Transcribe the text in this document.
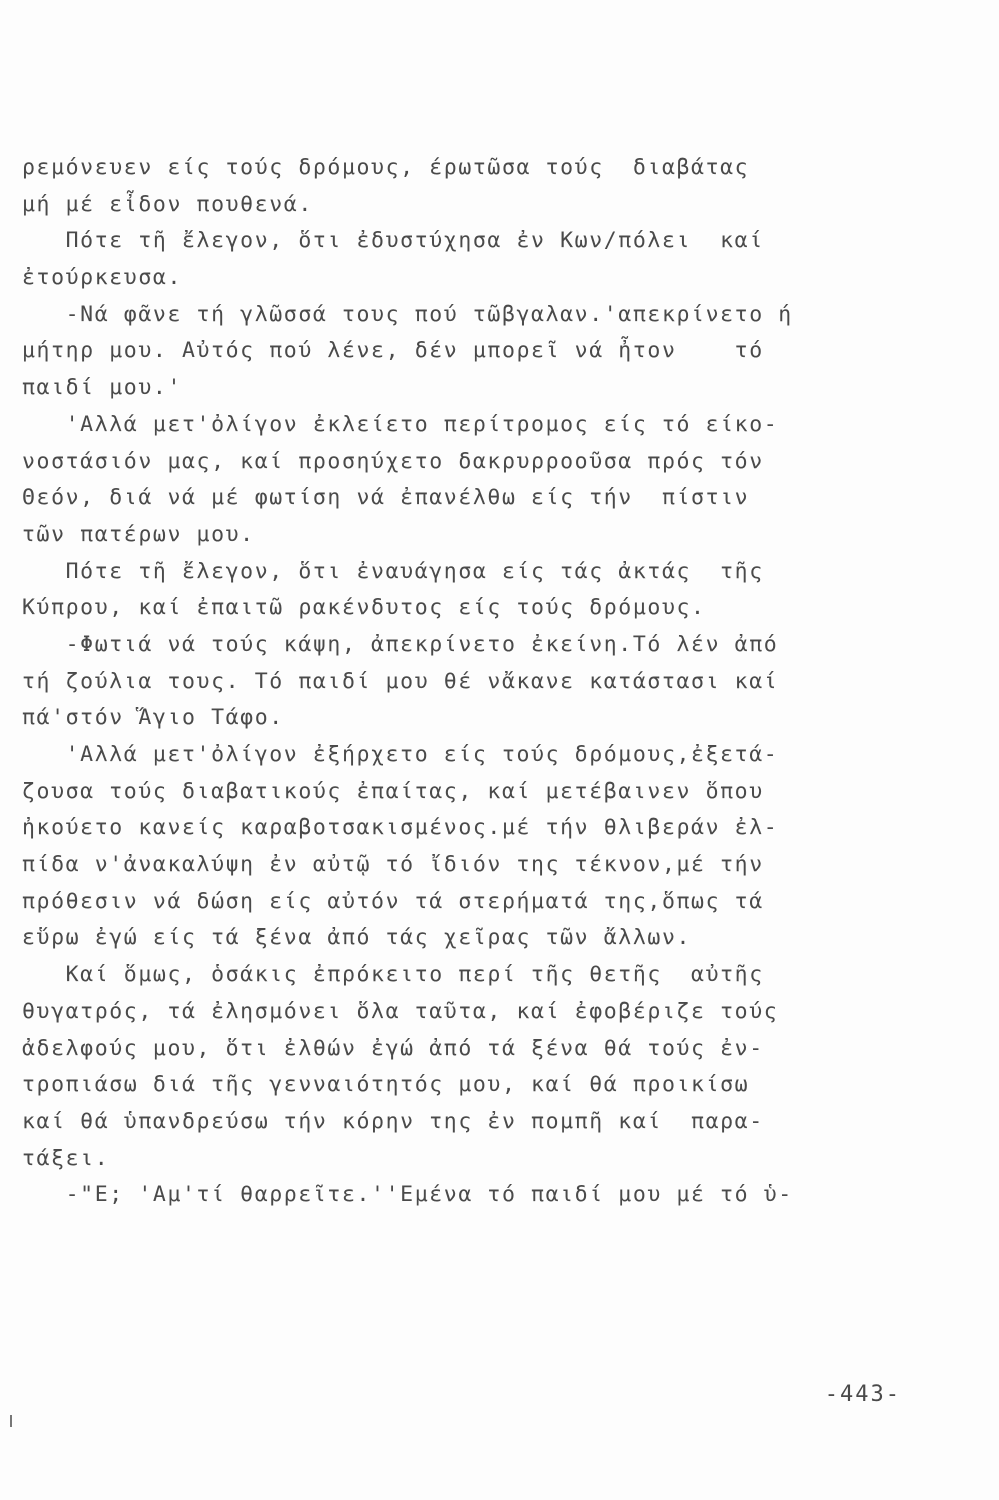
ρεμόνευεν είς τούς δρόμους, έρωτῶσα τούς  διαβάτας
μή μέ εἶδον πουθενά.
Πότε τῆ ἔλεγον, ὅτι ἐδυστύχησα ἐν Κων/πόλει  καί
ἐτούρκευσα.
-Νά φᾶνε τή γλῶσσά τους πού τῶβγαλαν.'απεκρίνετο ή
μήτηρ μου. Αὐτός πού λένε, δέν μπορεῖ νά ἦτον    τό
παιδί μου.'
'Αλλά μετ'ὀλίγον ἐκλείετο περίτρομος είς τό είκο-
νοστάσιόν μας, καί προσηύχετο δακρυρροοῦσα πρός τόν
Θεόν, διά νά μέ φωτίση νά ἐπανέλθω είς τήν  πίστιν
τῶν πατέρων μου.
Πότε τῆ ἔλεγον, ὅτι ἐναυάγησα είς τάς ἀκτάς  τῆς
Κύπρου, καί ἐπαιτῶ ρακένδυτος είς τούς δρόμους.
-Φωτιά νά τούς κάψη, ἀπεκρίνετο ἐκείνη.Τό λέν ἀπό
τή ζούλια τους. Τό παιδί μου θέ νἄκανε κατάστασι καί
πά'στόν Ἅγιο Τάφο.
'Αλλά μετ'ὀλίγον ἐξήρχετο είς τούς δρόμους,ἐξετά-
ζουσα τούς διαβατικούς ἐπαίτας, καί μετέβαινεν ὅπου
ἠκούετο κανείς καραβοτσακισμένος.μέ τήν θλιβεράν ἐλ-
πίδα ν'ἀνακαλύψη ἐν αὐτῷ τό ἴδιόν της τέκνον,μέ τήν
πρόθεσιν νά δώση είς αὐτόν τά στερήματά της,ὅπως τά
εὕρω ἐγώ είς τά ξένα ἀπό τάς χεῖρας τῶν ἄλλων.
Καί ὅμως, ὁσάκις ἐπρόκειτο περί τῆς θετῆς  αὐτῆς
θυγατρός, τά ἐλησμόνει ὅλα ταῦτα, καί ἐφοβέριζε τούς
ἀδελφούς μου, ὅτι ἐλθών ἐγώ ἀπό τά ξένα θά τούς ἐν-
τροπιάσω διά τῆς γενναιότητός μου, καί θά προικίσω
καί θά ὑπανδρεύσω τήν κόρην της ἐν πομπῆ καί  παρα-
τάξει.
-"Ε; 'Αμ'τί θαρρεῖτε.''Εμένα τό παιδί μου μέ τό ὑ-
-443-
